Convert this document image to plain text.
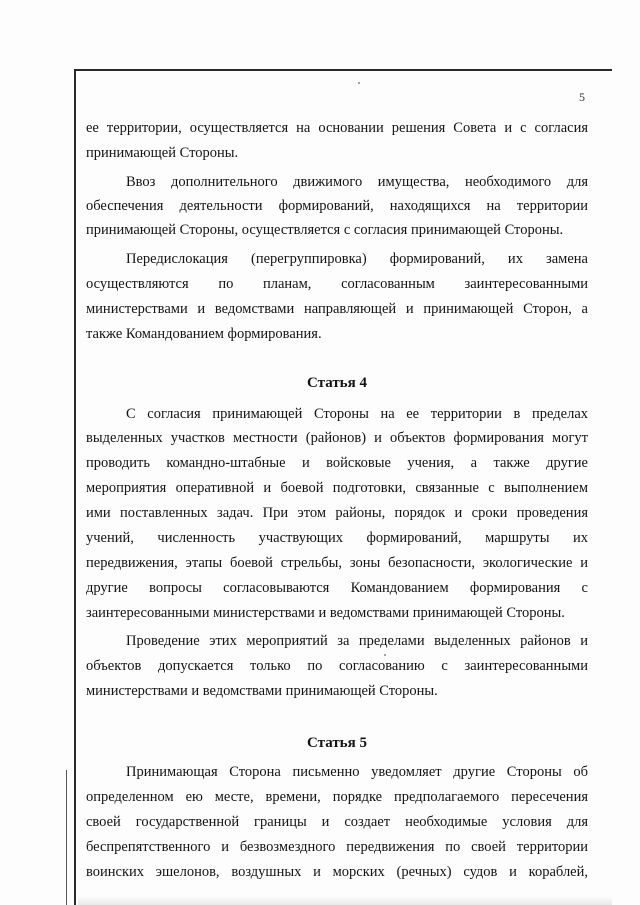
5
ее территории, осуществляется на основании решения Совета и с согласия
принимающей Стороны.
Ввоз дополнительного движимого имущества, необходимого для
обеспечения деятельности формирований, находящихся на территории
принимающей Стороны, осуществляется с согласия принимающей Стороны.
Передислокация (перегруппировка) формирований, их замена
осуществляются по планам, согласованным заинтересованными
министерствами и ведомствами направляющей и принимающей Сторон, а
также Командованием формирования.
Статья 4
С согласия принимающей Стороны на ее территории в пределах
выделенных участков местности (районов) и объектов формирования могут
проводить командно-штабные и войсковые учения, а также другие
мероприятия оперативной и боевой подготовки, связанные с выполнением
ими поставленных задач. При этом районы, порядок и сроки проведения
учений, численность участвующих формирований, маршруты их
передвижения, этапы боевой стрельбы, зоны безопасности, экологические и
другие вопросы согласовываются Командованием формирования с
заинтересованными министерствами и ведомствами принимающей Стороны.
Проведение этих мероприятий за пределами выделенных районов и
объектов допускается только по согласованию с заинтересованными
министерствами и ведомствами принимающей Стороны.
Статья 5
Принимающая Сторона письменно уведомляет другие Стороны об
определенном ею месте, времени, порядке предполагаемого пересечения
своей государственной границы и создает необходимые условия для
беспрепятственного и безвозмездного передвижения по своей территории
воинских эшелонов, воздушных и морских (речных) судов и кораблей,
